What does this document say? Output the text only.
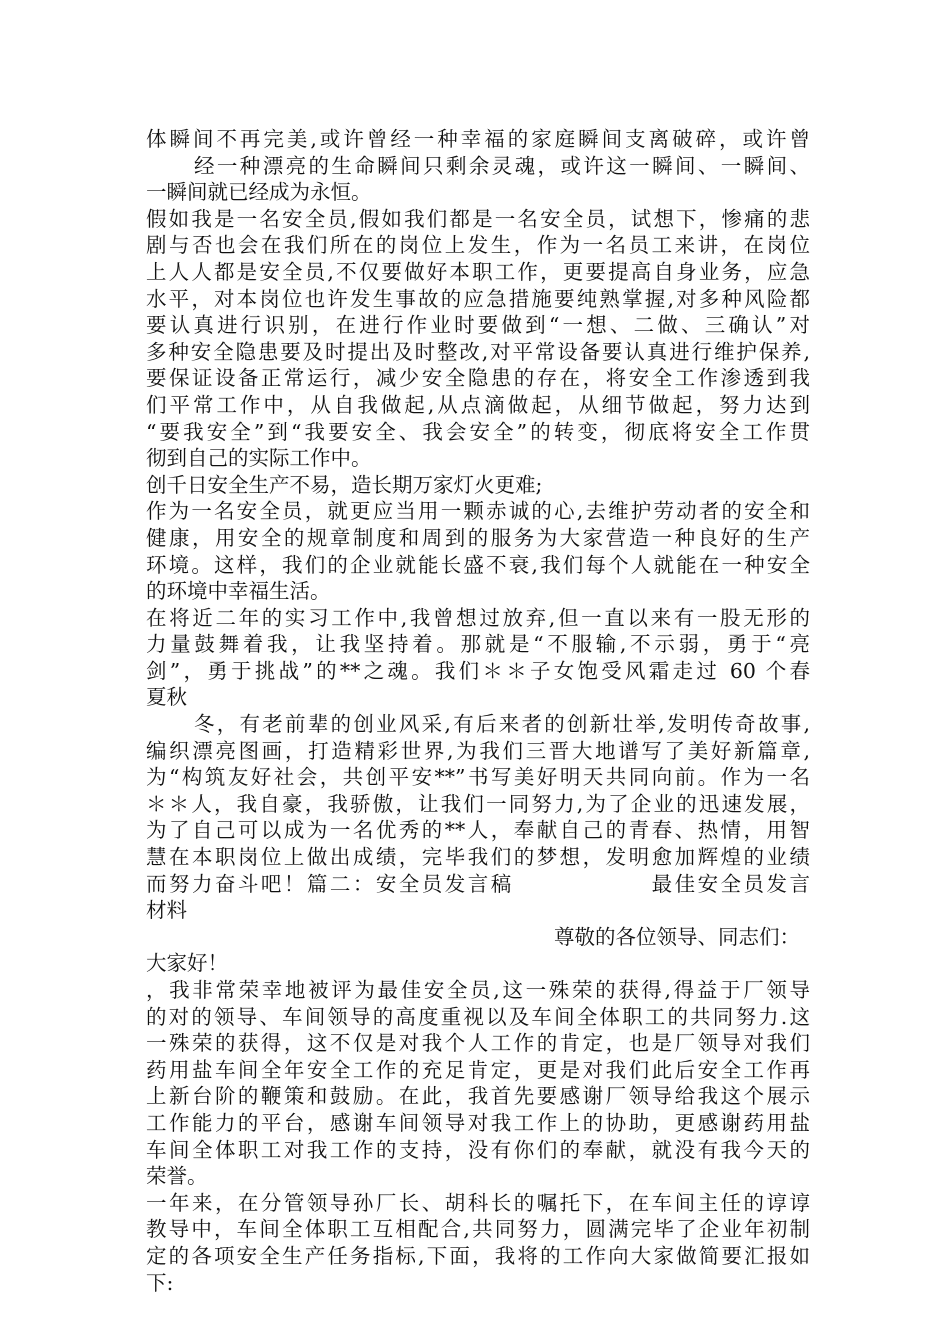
体瞬间不再完美,或许曾经一种幸福的家庭瞬间支离破碎，或许曾
经一种漂亮的生命瞬间只剩余灵魂，或许这一瞬间、一瞬间、
一瞬间就已经成为永恒。
假如我是一名安全员,假如我们都是一名安全员，试想下，惨痛的悲
剧与否也会在我们所在的岗位上发生，作为一名员工来讲，在岗位
上人人都是安全员,不仅要做好本职工作，更要提高自身业务，应急
水平，对本岗位也许发生事故的应急措施要纯熟掌握,对多种风险都
要认真进行识别，在进行作业时要做到“一想、二做、三确认”对
多种安全隐患要及时提出及时整改,对平常设备要认真进行维护保养,
要保证设备正常运行，减少安全隐患的存在，将安全工作渗透到我
们平常工作中，从自我做起,从点滴做起，从细节做起，努力达到
“要我安全”到“我要安全、我会安全”的转变，彻底将安全工作贯
彻到自己的实际工作中。
创千日安全生产不易，造长期万家灯火更难;
作为一名安全员，就更应当用一颗赤诚的心,去维护劳动者的安全和
健康，用安全的规章制度和周到的服务为大家营造一种良好的生产
环境。这样，我们的企业就能长盛不衰,我们每个人就能在一种安全
的环境中幸福生活。
在将近二年的实习工作中,我曾想过放弃,但一直以来有一股无形的
力量鼓舞着我，让我坚持着。那就是“不服输,不示弱，勇于“亮
剑”，勇于挑战”的**之魂。我们＊＊子女饱受风霜走过 60 个春
夏秋
冬，有老前辈的创业风采,有后来者的创新壮举,发明传奇故事,
编织漂亮图画，打造精彩世界,为我们三晋大地谱写了美好新篇章,
为“构筑友好社会，共创平安**”书写美好明天共同向前。作为一名
＊＊人，我自豪，我骄傲，让我们一同努力,为了企业的迅速发展，
为了自己可以成为一名优秀的**人，奉献自己的青春、热情，用智
慧在本职岗位上做出成绩，完毕我们的梦想，发明愈加辉煌的业绩
而努力奋斗吧！篇二：安全员发言稿　　　　　　最佳安全员发言
材料
尊敬的各位领导、同志们：
大家好！
，我非常荣幸地被评为最佳安全员,这一殊荣的获得,得益于厂领导
的对的领导、车间领导的高度重视以及车间全体职工的共同努力.这
一殊荣的获得，这不仅是对我个人工作的肯定，也是厂领导对我们
药用盐车间全年安全工作的充足肯定，更是对我们此后安全工作再
上新台阶的鞭策和鼓励。在此，我首先要感谢厂领导给我这个展示
工作能力的平台，感谢车间领导对我工作上的协助，更感谢药用盐
车间全体职工对我工作的支持，没有你们的奉献，就没有我今天的
荣誉。
一年来，在分管领导孙厂长、胡科长的嘱托下，在车间主任的谆谆
教导中，车间全体职工互相配合,共同努力，圆满完毕了企业年初制
定的各项安全生产任务指标,下面，我将的工作向大家做简要汇报如
下:
